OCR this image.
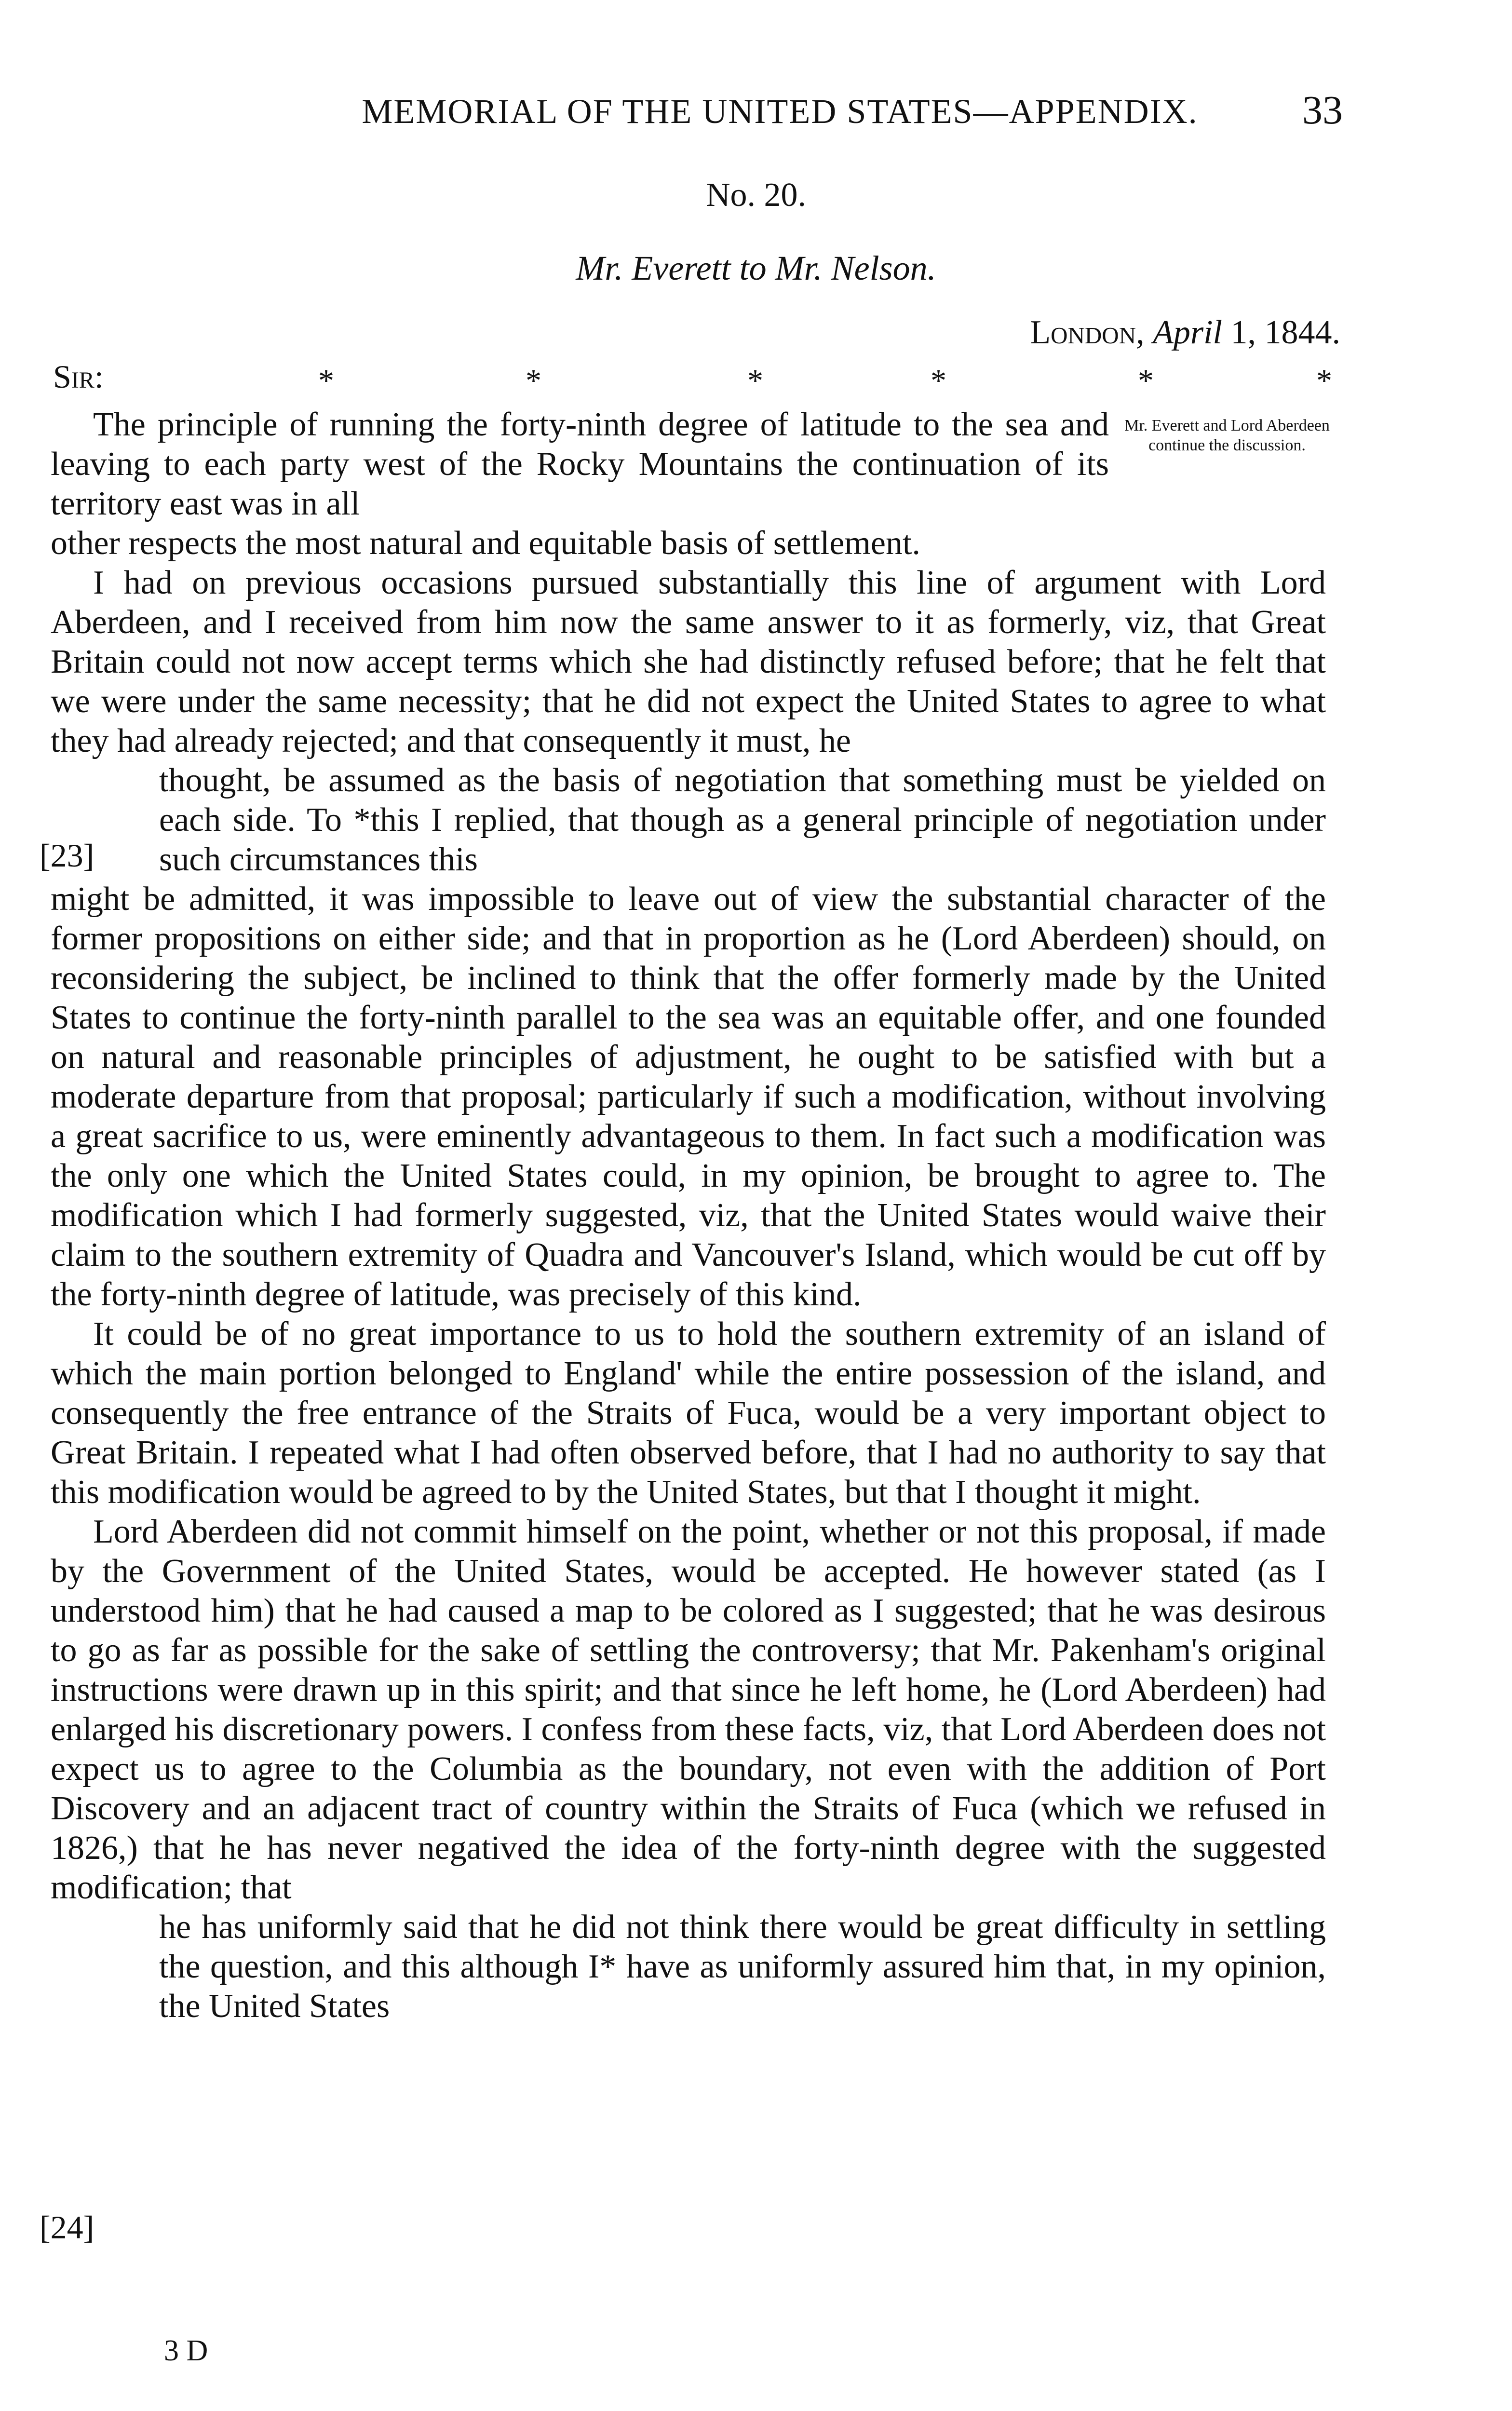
MEMORIAL OF THE UNITED STATES—APPENDIX.	33
No. 20.
Mr. Everett to Mr. Nelson.
London, April 1, 1844.
Sir:	*	*	*	*	*	*
Mr. Everett and Lord Aberdeen continue the discussion.

The principle of running the forty-ninth degree of latitude to the sea and leaving to each party west of the Rocky Mountains the continuation of its territory east was in all

other respects the most natural and equitable basis of settlement.

I had on previous occasions pursued substantially this line of argument with Lord Aberdeen, and I received from him now the same answer to it as formerly, viz, that Great Britain could not now accept terms which she had distinctly refused before; that he felt that we were under the same necessity; that he did not expect the United States to agree to what they had already rejected; and that consequently it must, he

thought, be assumed as the basis of negotiation that something must be yielded on each side. To *this I replied, that though as a general principle of negotiation under such circumstances this

might be admitted, it was impossible to leave out of view the substantial character of the former propositions on either side; and that in proportion as he (Lord Aberdeen) should, on reconsidering the subject, be inclined to think that the offer formerly made by the United States to continue the forty-ninth parallel to the sea was an equitable offer, and one founded on natural and reasonable principles of adjustment, he ought to be satisfied with but a moderate departure from that proposal; particularly if such a modification, without involving a great sacrifice to us, were eminently advantageous to them. In fact such a modification was the only one which the United States could, in my opinion, be brought to agree to. The modification which I had formerly suggested, viz, that the United States would waive their claim to the southern extremity of Quadra and Vancouver's Island, which would be cut off by the forty-ninth degree of latitude, was precisely of this kind.

It could be of no great importance to us to hold the southern extremity of an island of which the main portion belonged to England' while the entire possession of the island, and consequently the free entrance of the Straits of Fuca, would be a very important object to Great Britain. I repeated what I had often observed before, that I had no authority to say that this modification would be agreed to by the United States, but that I thought it might.

Lord Aberdeen did not commit himself on the point, whether or not this proposal, if made by the Government of the United States, would be accepted. He however stated (as I understood him) that he had caused a map to be colored as I suggested; that he was desirous to go as far as possible for the sake of settling the controversy; that Mr. Pakenham's original instructions were drawn up in this spirit; and that since he left home, he (Lord Aberdeen) had enlarged his discretionary powers. I confess from these facts, viz, that Lord Aberdeen does not expect us to agree to the Columbia as the boundary, not even with the addition of Port Discovery and an adjacent tract of country within the Straits of Fuca (which we refused in 1826,) that he has never negatived the idea of the forty-ninth degree with the suggested modification; that

he has uniformly said that he did not think there would be great difficulty in settling the question, and this although I* have as uniformly assured him that, in my opinion, the United States

[23]
[24]
3 D
